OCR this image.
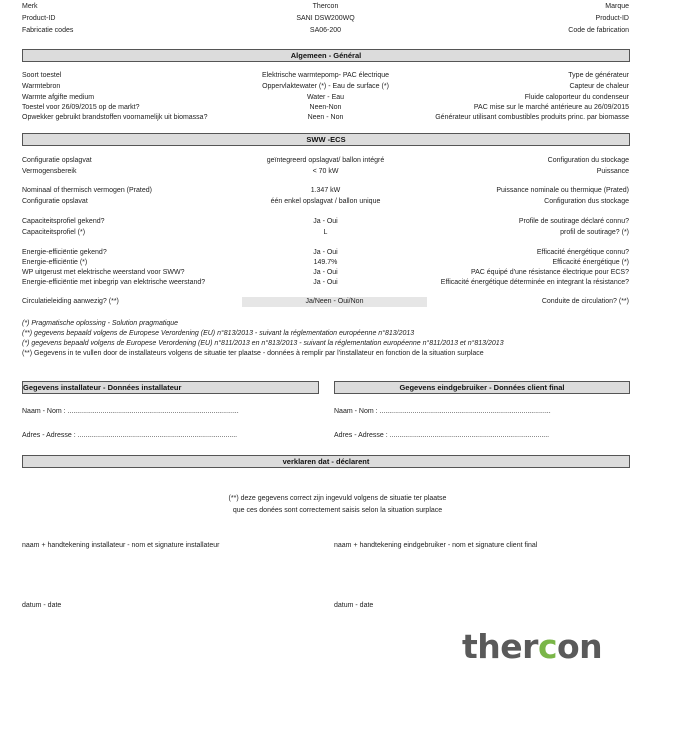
Merk	Thercon	Marque
Product-ID	SANI DSW200WQ	Product-ID
Fabricatie codes	SA06-200	Code de fabrication
Algemeen - Général
Soort toestel	Elektrische warmtepomp- PAC électrique	Type de générateur
Warmtebron	Oppervlaktewater (*) - Eau de surface (*)	Capteur de chaleur
Warmte afgifte medium	Water - Eau	Fluide caloporteur du condenseur
Toestel voor 26/09/2015 op de markt?	Neen-Non	PAC mise sur le marché antérieure au 26/09/2015
Opwekker gebruikt brandstoffen voornamelijk uit biomassa?	Neen - Non	Générateur utilisant combustibles produits princ. par biomasse
SWW -ECS
Configuratie opslagvat	geïntegreerd opslagvat/ ballon intégré	Configuration du stockage
Vermogensbereik	< 70 kW	Puissance
Nominaal of thermisch vermogen (Prated)	1.347 kW	Puissance nominale ou thermique (Prated)
Configuratie opslavat	één enkel opslagvat / ballon unique	Configuration dus stockage
Capaciteitsprofiel gekend?	Ja - Oui	Profile de soutirage déclaré connu?
Capaciteitsprofiel (*)	L	profil de soutirage? (*)
Energie-efficiëntie gekend?	Ja - Oui	Efficacité énergétique connu?
Energie-efficiëntie (*)	149.7%	Efficacité énergétique (*)
WP uitgerust met elektrische weerstand voor SWW?	Ja - Oui	PAC équipé d'une résistance électrique pour ECS?
Energie-efficiëntie met inbegrip van elektrische weerstand?	Ja - Oui	Efficacité énergétique déterminée en integrant la résistance?
Circulatieleiding aanwezig? (**)	Ja/Neen - Oui/Non	Conduite de circulation? (**)
(*) Pragmatische oplossing - Solution pragmatique
(**) gegevens bepaald volgens de Europese Verordening (EU) n°813/2013 - suivant la réglementation européenne n°813/2013
(*) gegevens bepaald volgens de Europese Verordening (EU) n°811/2013 en n°813/2013 - suivant la réglementation européenne n°811/2013 et n°813/2013
(**) Gegevens in te vullen door de installateurs volgens de situatie ter plaatse - données à remplir par l'installateur en fonction de la situation surplace
Gegevens installateur - Données installateur	Gegevens eindgebruiker - Données client final
Naam - Nom : ........................................................................................	Naam - Nom : ........................................................................................
Adres - Adresse : ..................................................................................	Adres - Adresse : ..................................................................................
verklaren dat - déclarent
(**) deze gegevens correct zijn ingevuld volgens de situatie ter plaatse
que ces donées sont correctement saisis selon la situation surplace
naam + handtekening installateur - nom et signature installateur	naam + handtekening eindgebruiker - nom et signature client final
datum - date	datum - date
thercon
